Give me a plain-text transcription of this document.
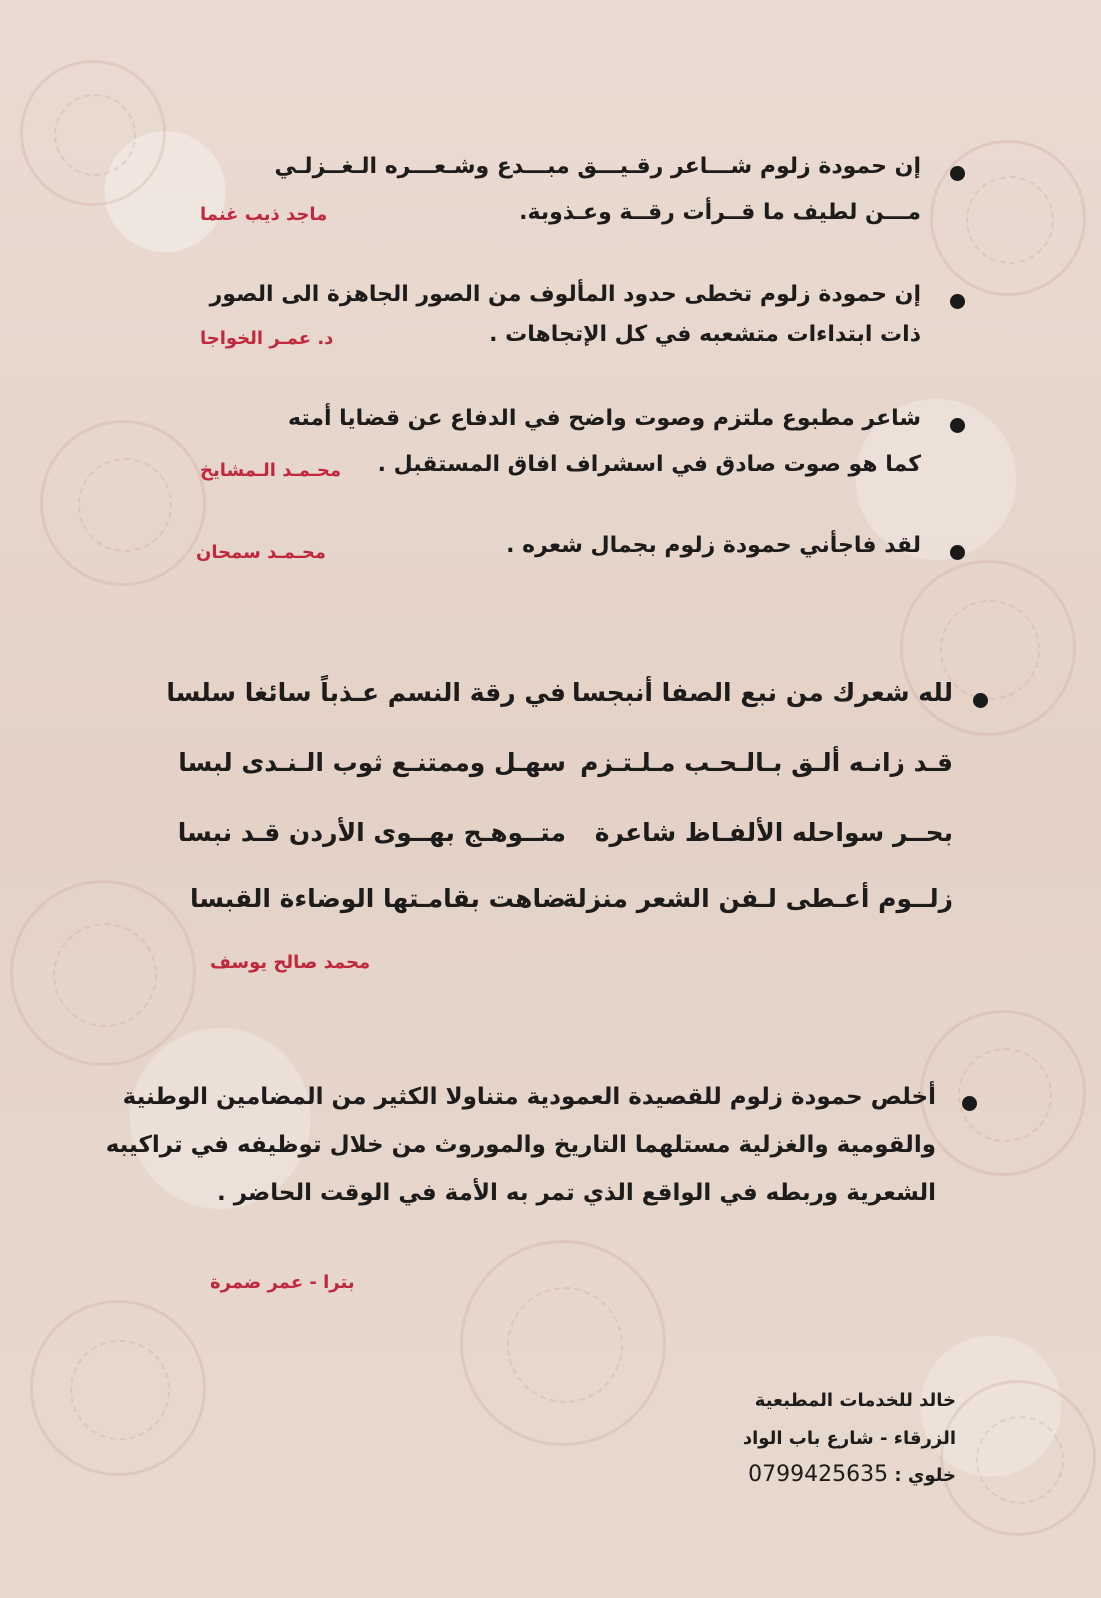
إن حمودة زلوم شـــاعر رقـيـــق مبـــدع وشـعـــره الـغــزلـي
مـــن لطيف ما قــرأت رقــة وعـذوبة.
ماجد ذيب غنما
إن حمودة زلوم تخطى حدود المألوف من الصور الجاهزة الى الصور
ذات ابتداءات متشعبه في كل الإتجاهات .
د. عمـر الخواجا
شاعر مطبوع ملتزم وصوت واضح في الدفاع عن قضايا أمته
كما هو صوت صادق في اسشراف افاق المستقبل .
محـمـد الـمشايخ
لقد فاجأني حمودة زلوم بجمال شعره .
محـمـد سمحان
لله شعرك من نبع الصفا أنبجسا
في رقة النسم عـذباً سائغا سلسا
قـد زانـه ألـق بـالـحـب مـلـتـزم
سهـل وممتنـع ثوب الـنـدى لبسا
بحــر سواحله الألفـاظ شاعرة
متــوهـج بهــوى الأردن قـد نبسا
زلــوم أعـطى لـفن الشعر منزلة
ضاهت بقامـتها الوضاءة القبسا
محمد صالح يوسف
أخلص حمودة زلوم للقصيدة العمودية متناولا الكثير من المضامين الوطنية
والقومية والغزلية مستلهما التاريخ والموروث من خلال توظيفه في تراكيبه
الشعرية وربطه في الواقع الذي تمر به الأمة في الوقت الحاضر .
بترا - عمر ضمرة
خالد للخدمات المطبعية
الزرقاء - شارع باب الواد
خلوي : 0799425635
